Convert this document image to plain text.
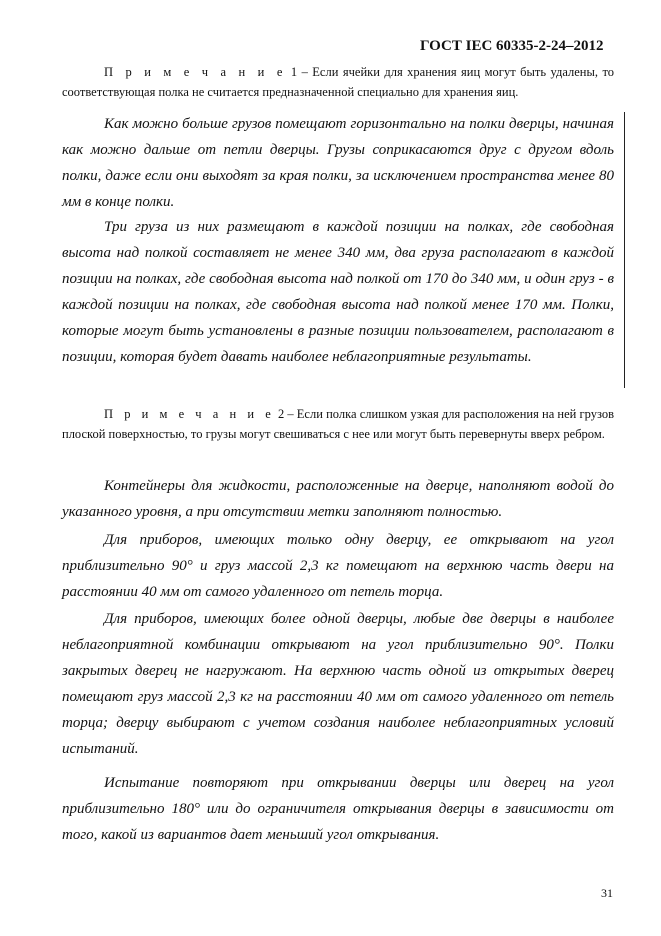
ГОСТ IEC 60335-2-24–2012
П р и м е ч а н и е 1 – Если ячейки для хранения яиц могут быть удалены, то соответствующая полка не считается предназначенной специально для хранения яиц.
Как можно больше грузов помещают горизонтально на полки дверцы, начиная как можно дальше от петли дверцы. Грузы соприкасаются друг с другом вдоль полки, даже если они выходят за края полки, за исключением пространства менее 80 мм в конце полки.
Три груза из них размещают в каждой позиции на полках, где свободная высота над полкой составляет не менее 340 мм, два груза располагают в каждой позиции на полках, где свободная высота над полкой от 170 до 340 мм, и один груз - в каждой позиции на полках, где свободная высота над полкой менее 170 мм. Полки, которые могут быть установлены в разные позиции пользователем, располагают в позиции, которая будет давать наиболее неблагоприятные результаты.
П р и м е ч а н и е 2 – Если полка слишком узкая для расположения на ней грузов плоской поверхностью, то грузы могут свешиваться с нее или могут быть перевернуты вверх ребром.
Контейнеры для жидкости, расположенные на дверце, наполняют водой до указанного уровня, а при отсутствии метки заполняют полностью.
Для приборов, имеющих только одну дверцу, ее открывают на угол приблизительно 90° и груз массой 2,3 кг помещают на верхнюю часть двери на расстоянии 40 мм от самого удаленного от петель торца.
Для приборов, имеющих более одной дверцы, любые две дверцы в наиболее неблагоприятной комбинации открывают на угол приблизительно 90°. Полки закрытых дверец не нагружают. На верхнюю часть одной из открытых дверец помещают груз массой 2,3 кг на расстоянии 40 мм от самого удаленного от петель торца; дверцу выбирают с учетом создания наиболее неблагоприятных условий испытаний.
Испытание повторяют при открывании дверцы или дверец на угол приблизительно 180° или до ограничителя открывания дверцы в зависимости от того, какой из вариантов дает меньший угол открывания.
31
